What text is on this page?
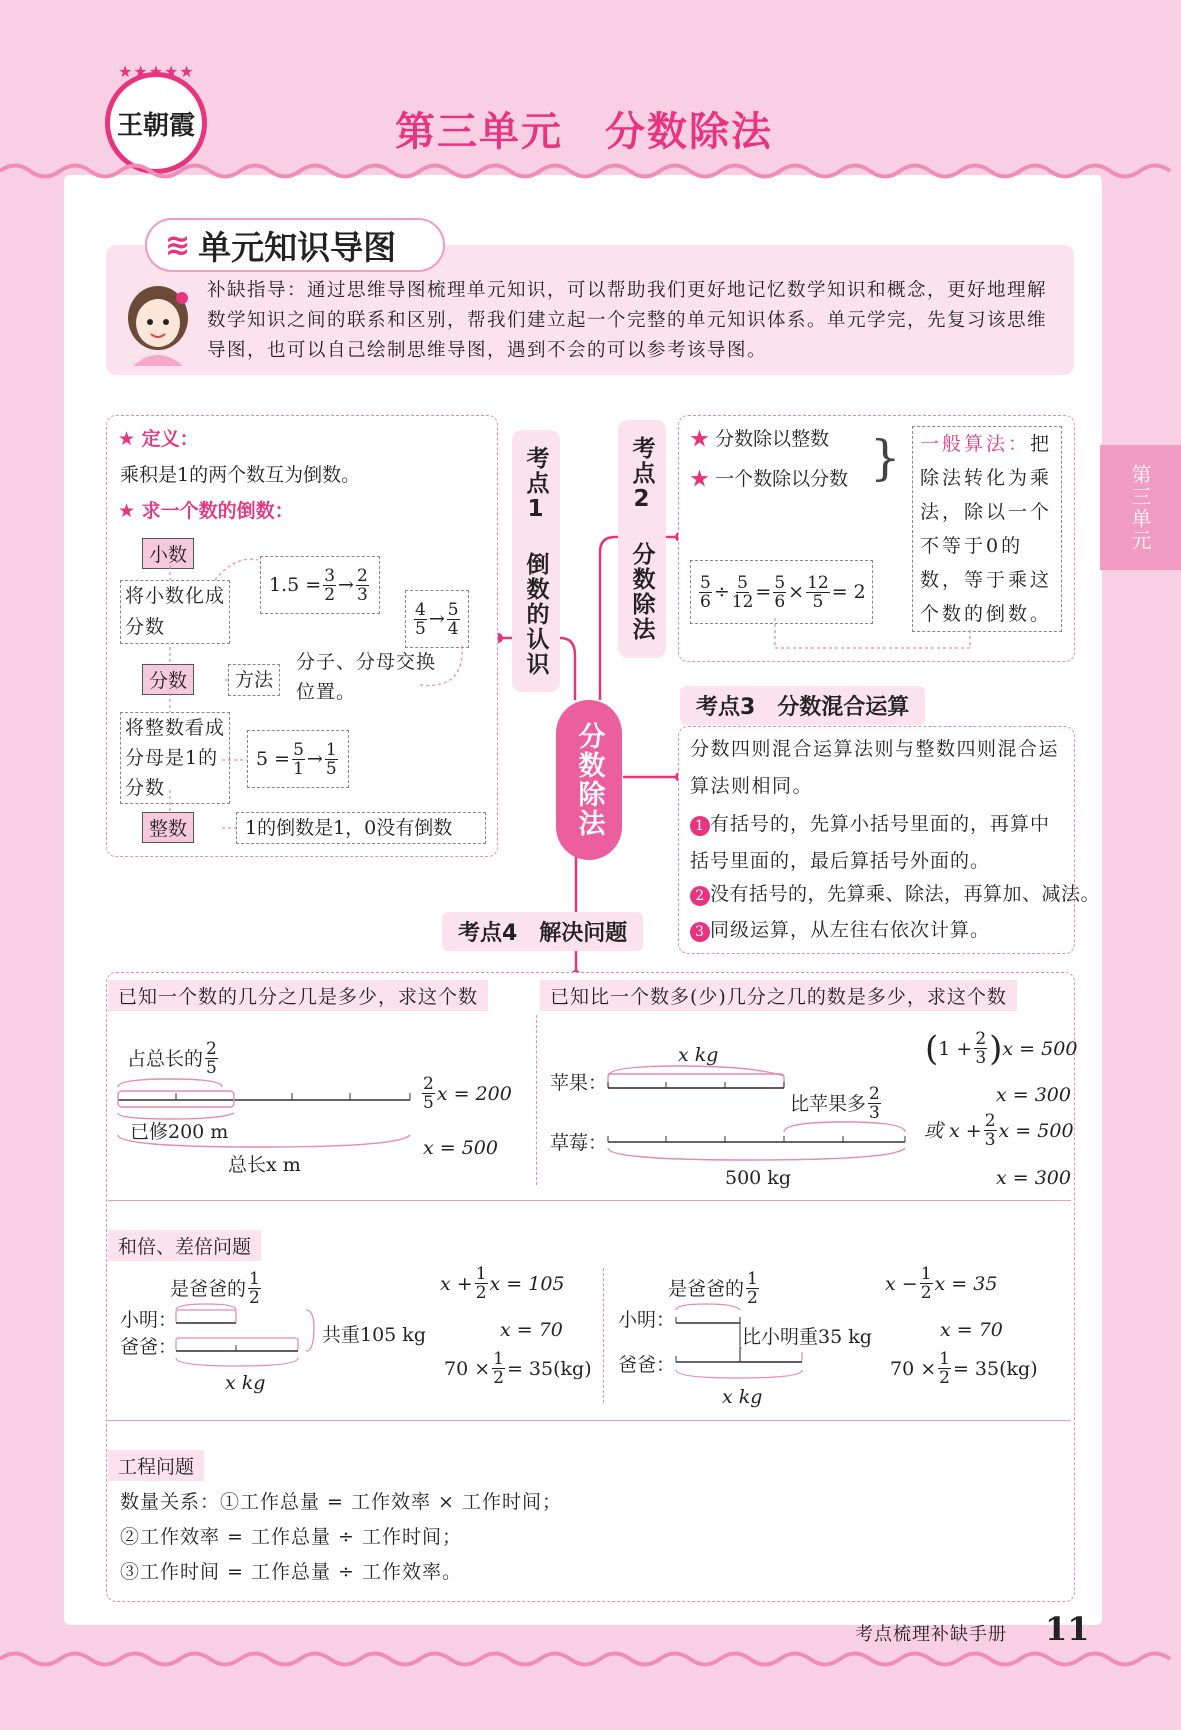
王朝霞
★★★★★
第三单元　分数除法
第三单元
≋ 单元知识导图
补缺指导：通过思维导图梳理单元知识，可以帮助我们更好地记忆数学知识和概念，更好地理解数学知识之间的联系和区别，帮我们建立起一个完整的单元知识体系。单元学完，先复习该思维导图，也可以自己绘制思维导图，遇到不会的可以参考该导图。
分数除法
考点1 倒数的认识
★ 定义：
乘积是1的两个数互为倒数。
★ 求一个数的倒数：
小数
将小数化成分数
$1.5 = \frac{3}{2} \to \frac{2}{3}$
$\frac{4}{5} \to \frac{5}{4}$
分数	方法
分子、分母交换位置。
将整数看成分母是1的分数
$5 = \frac{5}{1} \to \frac{1}{5}$
整数	1的倒数是1，0没有倒数
考点2 分数除法	★ 分数除以整数
★ 一个数除以分数 } 一般算法：把除法转化为乘法，除以一个不等于0的数，等于乘这个数的倒数。
$\frac{5}{6} \div \frac{5}{12} = \frac{5}{6} \times \frac{12}{5} = 2$
考点3　分数混合运算
分数四则混合运算法则与整数四则混合运算法则相同。
1 有括号的，先算小括号里面的，再算中括号里面的，最后算括号外面的。
2 没有括号的，先算乘、除法，再算加、减法。
3 同级运算，从左往右依次计算。
考点4　解决问题
已知一个数的几分之几是多少，求这个数
占总长的 $\frac{2}{5}$
已修200 m
总长x m
$\frac{2}{5}$ x = 200
x = 500
已知比一个数多(少)几分之几的数是多少，求这个数
x kg
苹果：
草莓：
比苹果多 $\frac{2}{3}$
500 kg
( $1 + \frac{2}{3}$ ) x = 500
x = 300
或 $x + \frac{2}{3}$ x = 500
x = 300
和倍、差倍问题
是爸爸的 $\frac{1}{2}$
小明：
爸爸：
共重105 kg
x kg
$x + \frac{1}{2}$ x = 105
x = 70
$70 \times \frac{1}{2} = 35(kg)$
是爸爸的 $\frac{1}{2}$
小明：
爸爸：
比小明重35 kg
x kg
$x - \frac{1}{2}$ x = 35
x = 70
$70 \times \frac{1}{2} = 35(kg)$
工程问题
数量关系：①工作总量 = 工作效率 × 工作时间；
②工作效率 = 工作总量 ÷ 工作时间；
③工作时间 = 工作总量 ÷ 工作效率。
考点梳理补缺手册 11
